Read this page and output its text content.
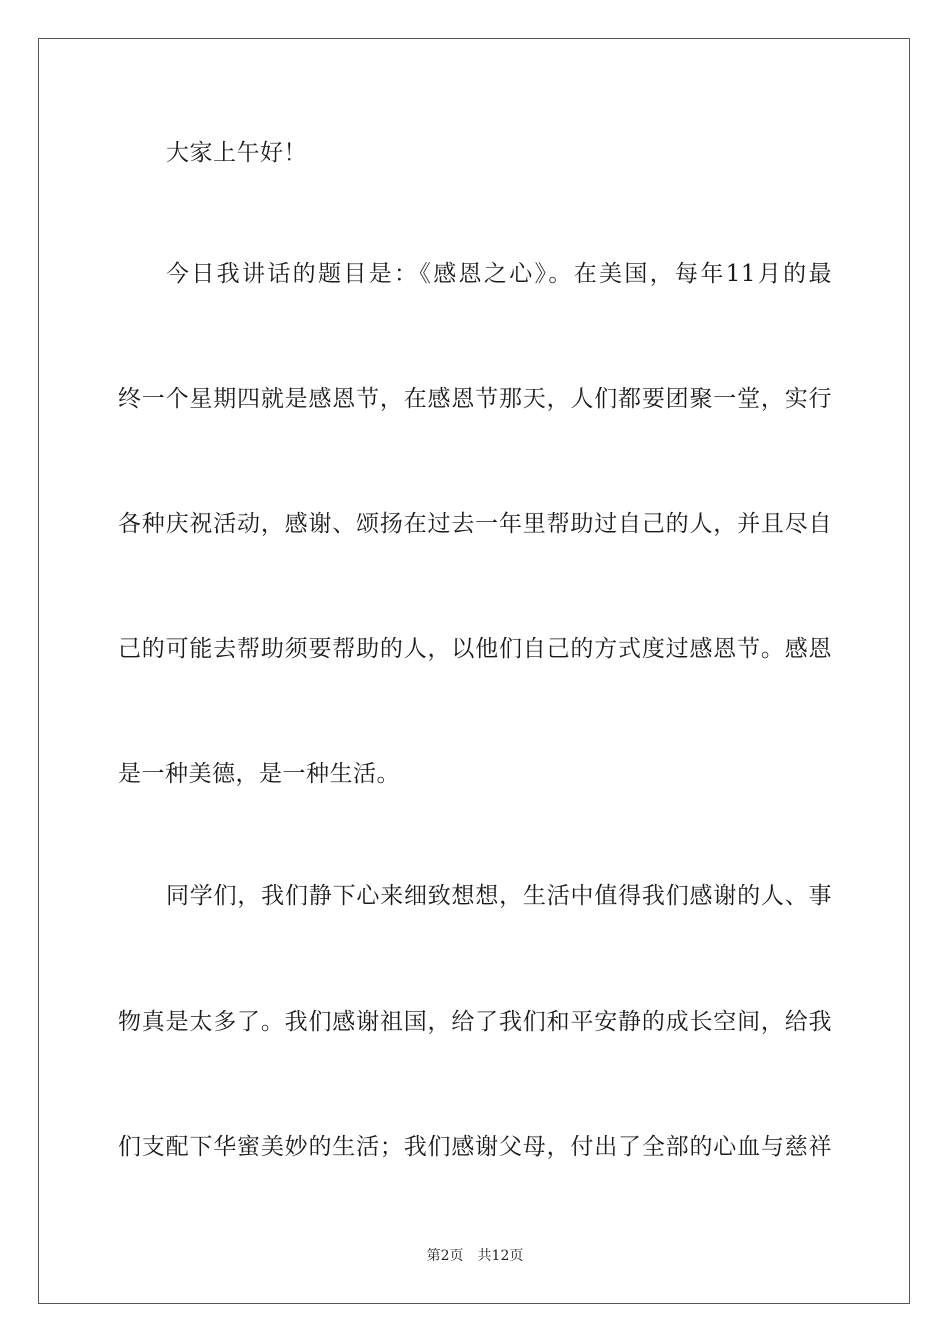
大家上午好！
今日我讲话的题目是：《感恩之心》。在美国，每年11月的最
终一个星期四就是感恩节，在感恩节那天，人们都要团聚一堂，实行
各种庆祝活动，感谢、颂扬在过去一年里帮助过自己的人，并且尽自
己的可能去帮助须要帮助的人，以他们自己的方式度过感恩节。感恩
是一种美德，是一种生活。
同学们，我们静下心来细致想想，生活中值得我们感谢的人、事
物真是太多了。我们感谢祖国，给了我们和平安静的成长空间，给我
们支配下华蜜美妙的生活；我们感谢父母，付出了全部的心血与慈祥
第2页 共12页
